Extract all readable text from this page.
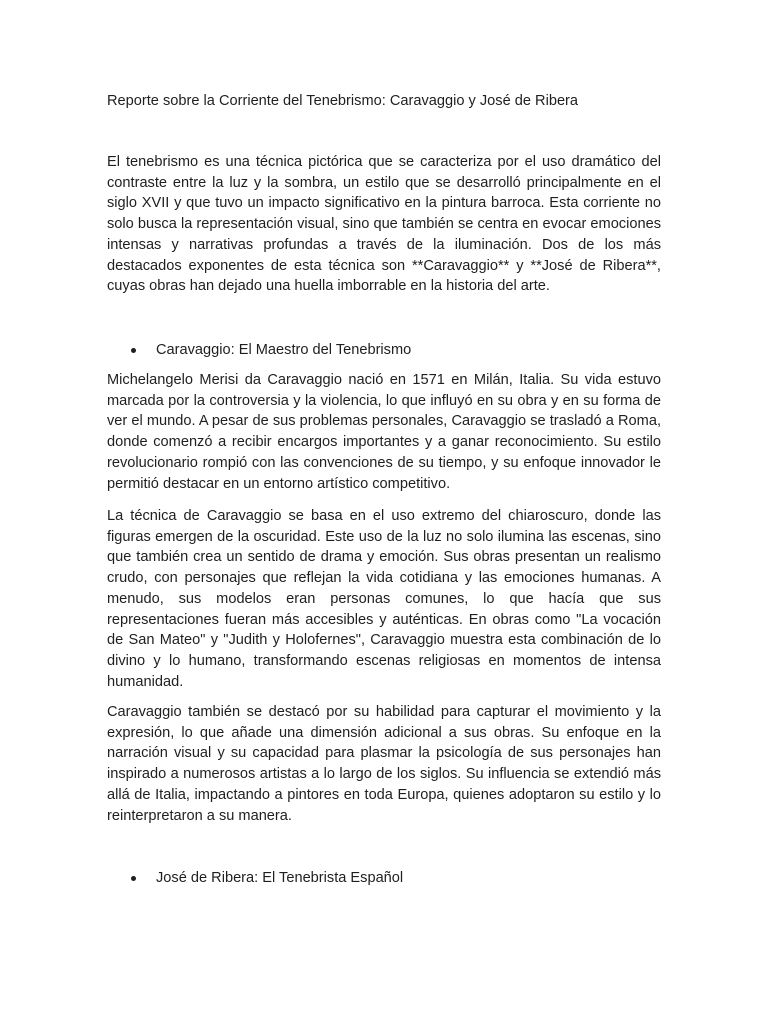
Reporte sobre la Corriente del Tenebrismo: Caravaggio y José de Ribera

El tenebrismo es una técnica pictórica que se caracteriza por el uso dramático del contraste entre la luz y la sombra, un estilo que se desarrolló principalmente en el siglo XVII y que tuvo un impacto significativo en la pintura barroca. Esta corriente no solo busca la representación visual, sino que también se centra en evocar emociones intensas y narrativas profundas a través de la iluminación. Dos de los más destacados exponentes de esta técnica son **Caravaggio** y **José de Ribera**, cuyas obras han dejado una huella imborrable en la historia del arte.

Caravaggio: El Maestro del Tenebrismo

Michelangelo Merisi da Caravaggio nació en 1571 en Milán, Italia. Su vida estuvo marcada por la controversia y la violencia, lo que influyó en su obra y en su forma de ver el mundo. A pesar de sus problemas personales, Caravaggio se trasladó a Roma, donde comenzó a recibir encargos importantes y a ganar reconocimiento. Su estilo revolucionario rompió con las convenciones de su tiempo, y su enfoque innovador le permitió destacar en un entorno artístico competitivo.

La técnica de Caravaggio se basa en el uso extremo del chiaroscuro, donde las figuras emergen de la oscuridad. Este uso de la luz no solo ilumina las escenas, sino que también crea un sentido de drama y emoción. Sus obras presentan un realismo crudo, con personajes que reflejan la vida cotidiana y las emociones humanas. A menudo, sus modelos eran personas comunes, lo que hacía que sus representaciones fueran más accesibles y auténticas. En obras como "La vocación de San Mateo" y "Judith y Holofernes", Caravaggio muestra esta combinación de lo divino y lo humano, transformando escenas religiosas en momentos de intensa humanidad.

Caravaggio también se destacó por su habilidad para capturar el movimiento y la expresión, lo que añade una dimensión adicional a sus obras. Su enfoque en la narración visual y su capacidad para plasmar la psicología de sus personajes han inspirado a numerosos artistas a lo largo de los siglos. Su influencia se extendió más allá de Italia, impactando a pintores en toda Europa, quienes adoptaron su estilo y lo reinterpretaron a su manera.

José de Ribera: El Tenebrista Español
